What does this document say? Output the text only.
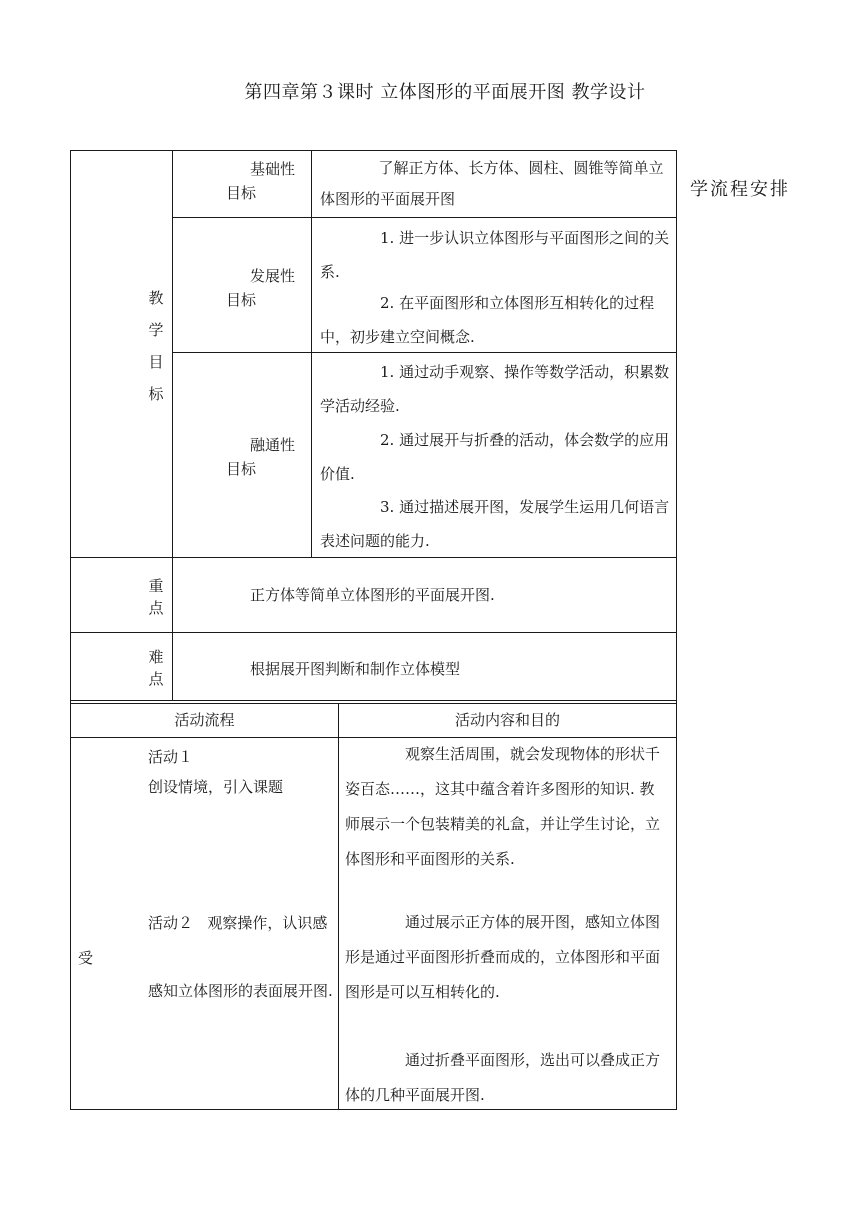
第四章第３课时 立体图形的平面展开图 教学设计
学流程安排
教学目标
基础性目标
了解正方体、长方体、圆柱、圆锥等简单立体图形的平面展开图
发展性目标
1. 进一步认识立体图形与平面图形之间的关系.
2. 在平面图形和立体图形互相转化的过程中，初步建立空间概念.
融通性目标
1. 通过动手观察、操作等数学活动，积累数学活动经验.
2. 通过展开与折叠的活动，体会数学的应用价值.
3. 通过描述展开图，发展学生运用几何语言表述问题的能力.
重点
正方体等简单立体图形的平面展开图.
难点
根据展开图判断和制作立体模型
活动流程	活动内容和目的
活动１
创设情境，引入课题
观察生活周围，就会发现物体的形状千姿百态……，这其中蕴含着许多图形的知识. 教师展示一个包装精美的礼盒，并让学生讨论，立体图形和平面图形的关系.
活动２ 观察操作，认识感受
感知立体图形的表面展开图.
通过展示正方体的展开图，感知立体图形是通过平面图形折叠而成的，立体图形和平面图形是可以互相转化的.
通过折叠平面图形，选出可以叠成正方体的几种平面展开图.
